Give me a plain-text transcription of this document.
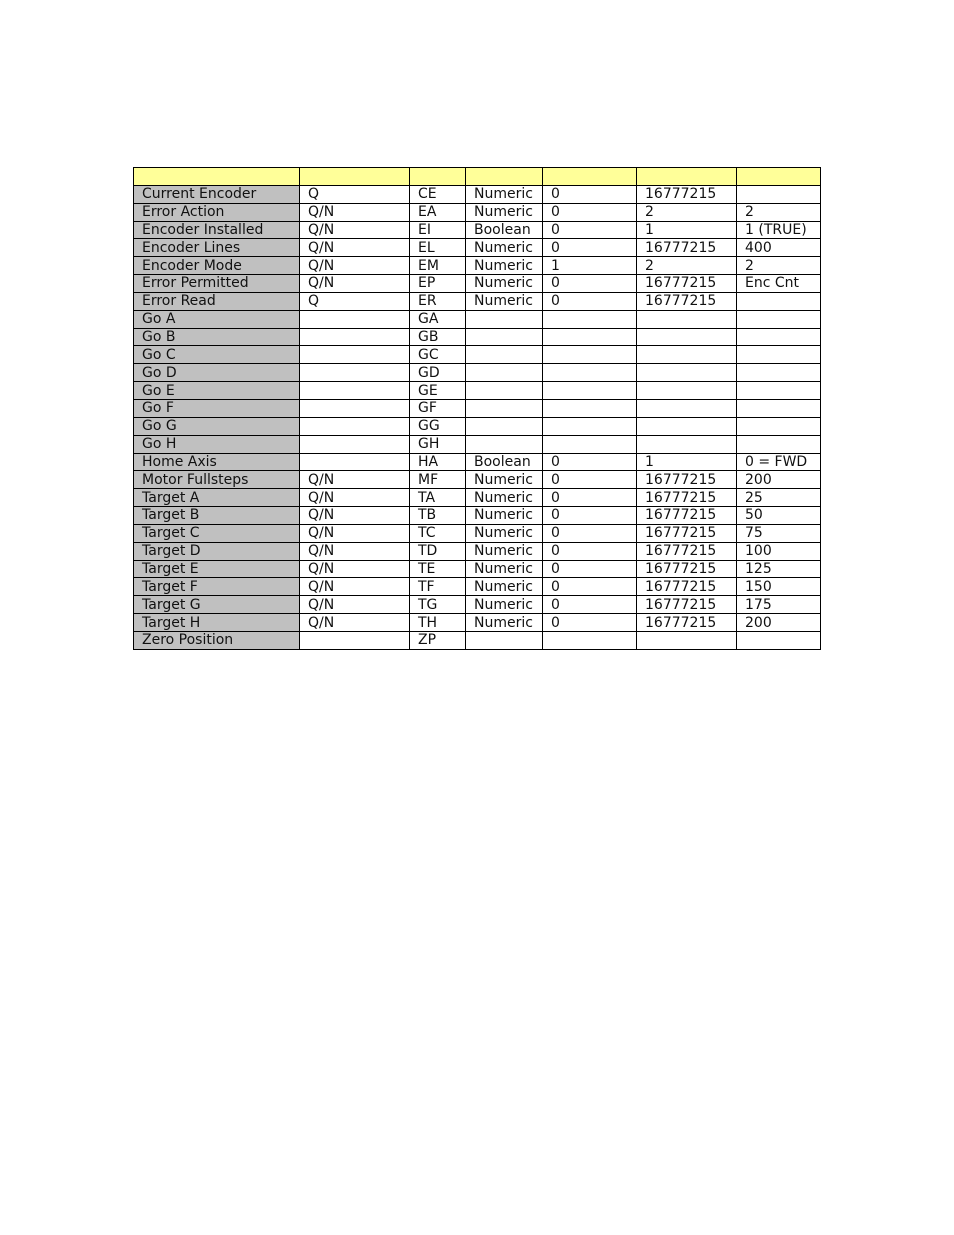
Current Encoder	Q	CE	Numeric	0	16777215	
Error Action	Q/N	EA	Numeric	0	2	2
Encoder Installed	Q/N	EI	Boolean	0	1	1 (TRUE)
Encoder Lines	Q/N	EL	Numeric	0	16777215	400
Encoder Mode	Q/N	EM	Numeric	1	2	2
Error Permitted	Q/N	EP	Numeric	0	16777215	Enc Cnt
Error Read	Q	ER	Numeric	0	16777215	
Go A		GA				
Go B		GB				
Go C		GC				
Go D		GD				
Go E		GE				
Go F		GF				
Go G		GG				
Go H		GH				
Home Axis		HA	Boolean	0	1	0 = FWD
Motor Fullsteps	Q/N	MF	Numeric	0	16777215	200
Target A	Q/N	TA	Numeric	0	16777215	25
Target B	Q/N	TB	Numeric	0	16777215	50
Target C	Q/N	TC	Numeric	0	16777215	75
Target D	Q/N	TD	Numeric	0	16777215	100
Target E	Q/N	TE	Numeric	0	16777215	125
Target F	Q/N	TF	Numeric	0	16777215	150
Target G	Q/N	TG	Numeric	0	16777215	175
Target H	Q/N	TH	Numeric	0	16777215	200
Zero Position		ZP				
